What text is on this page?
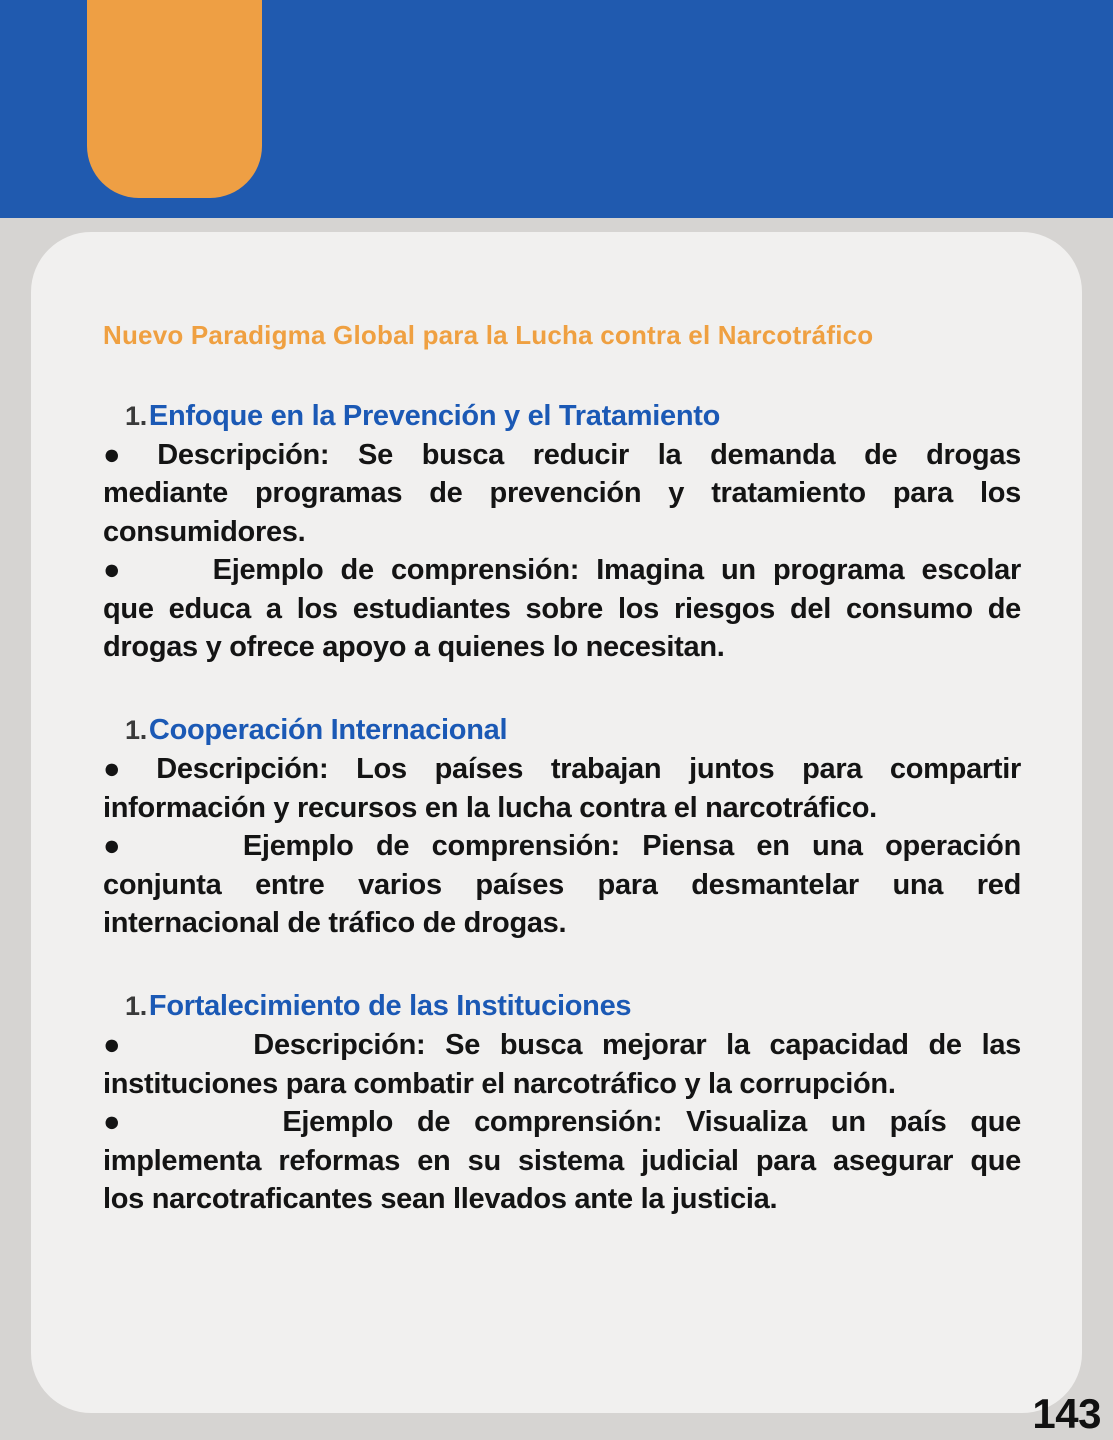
Nuevo Paradigma Global para la Lucha contra el Narcotráfico
1.Enfoque en la Prevención y el Tratamiento
● Descripción: Se busca reducir la demanda de drogas
mediante programas de prevención y tratamiento para los
consumidores.
●	Ejemplo de comprensión: Imagina un programa escolar
que educa a los estudiantes sobre los riesgos del consumo de
drogas y ofrece apoyo a quienes lo necesitan.
1.Cooperación Internacional
● Descripción: Los países trabajan juntos para compartir
información y recursos en la lucha contra el narcotráfico.
●	Ejemplo de comprensión: Piensa en una operación
conjunta entre varios países para desmantelar una red
internacional de tráfico de drogas.
1.Fortalecimiento de las Instituciones
●	Descripción: Se busca mejorar la capacidad de las
instituciones para combatir el narcotráfico y la corrupción.
●	Ejemplo de comprensión: Visualiza un país que
implementa reformas en su sistema judicial para asegurar que
los narcotraficantes sean llevados ante la justicia.
143
